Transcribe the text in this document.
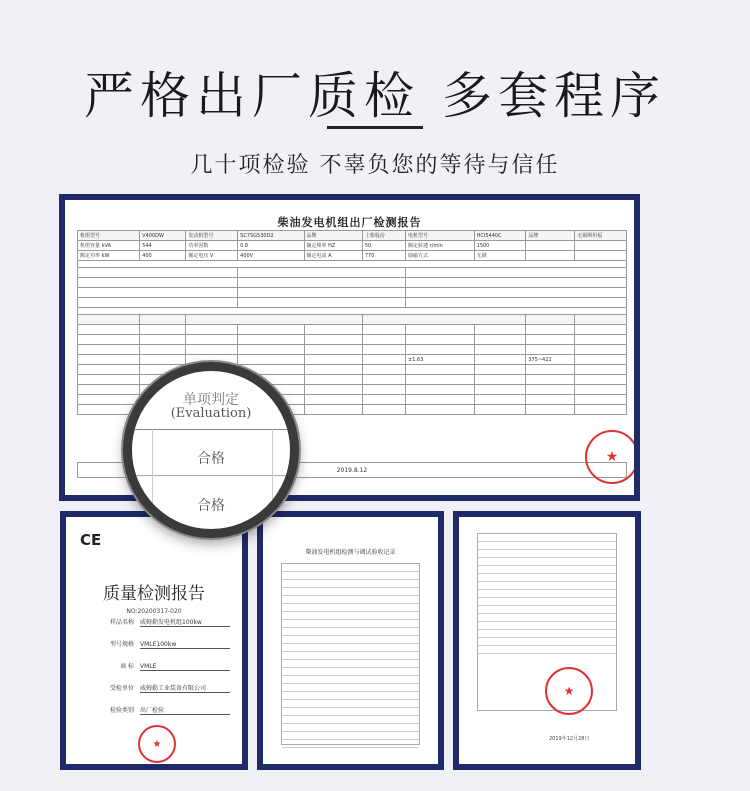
严格出厂质检 多套程序
几十项检验 不辜负您的等待与信任
柴油发电机组出厂检测报告
机组型号	V400DW	发动机型号	SC7SG530D2	品牌	上柴股份	电机型号	HCI5440C	品牌	无锡斯坦福
机组容量 kVA	544	功率因数	0.8	额定频率 HZ	50	额定转速 r/min	1500		
额定功率 kW	400	额定电压 V	400V	额定电流 A	770	励磁方式	无刷		

						±1.63		375~422	

2019.8.12
★
CE
质量检测报告
NO:20200317-020
样品名称 威姆勒发电机组100kw
型号规格 VMLE100kw
商 标 VMLE
受检单位 威姆勒工业装备有限公司
检验类别 出厂检验
★
柴油发电机组检测与调试验收记录
★
2019年12月28日
单项判定
(Evaluation)
合格
合格
